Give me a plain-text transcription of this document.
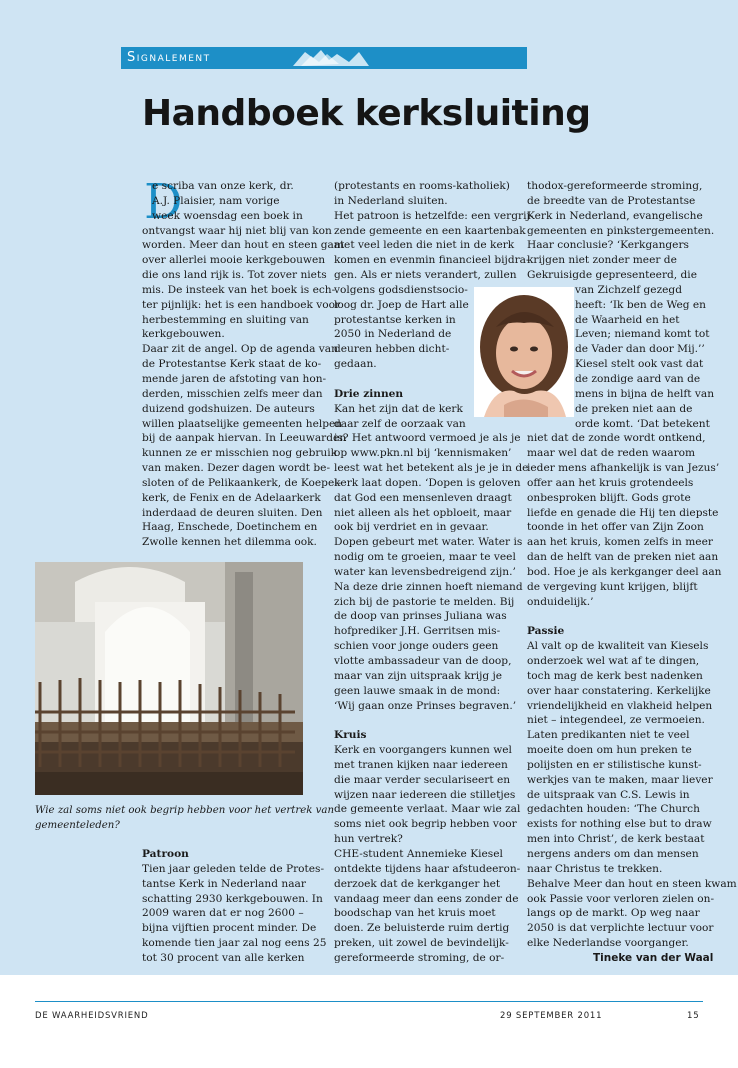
Signalement
Handboek kerksluiting
D

e scriba van onze kerk, dr.

A.J. Plaisier, nam vorige

week woensdag een boek in

ontvangst waar hij niet blij van kon

worden. Meer dan hout en steen gaat

over allerlei mooie kerkgebouwen

die ons land rijk is. Tot zover niets

mis. De insteek van het boek is ech-

ter pijnlijk: het is een handboek voor

herbestemming en sluiting van

kerkgebouwen.

Daar zit de angel. Op de agenda van

de Protestantse Kerk staat de ko-

mende jaren de afstoting van hon-

derden, misschien zelfs meer dan

duizend godshuizen. De auteurs

willen plaatselijke gemeenten helpen

bij de aanpak hiervan. In Leeuwarden

kunnen ze er misschien nog gebruik

van maken. Dezer dagen wordt be-

sloten of de Pelikaankerk, de Koepel-

kerk, de Fenix en de Adelaarkerk

inderdaad de deuren sluiten. Den

Haag, Enschede, Doetinchem en

Zwolle kennen het dilemma ook.

Wie zal soms niet ook begrip hebben voor het vertrek van

gemeenteleden?

Patroon

Tien jaar geleden telde de Protes-

tantse Kerk in Nederland naar

schatting 2930 kerkgebouwen. In

2009 waren dat er nog 2600 –

bijna vijftien procent minder. De

komende tien jaar zal nog eens 25

tot 30 procent van alle kerken

(protestants en rooms-katholiek)

in Nederland sluiten.

Het patroon is hetzelfde: een vergrij-

zende gemeente en een kaartenbak

met veel leden die niet in de kerk

komen en evenmin financieel bijdra-

gen. Als er niets verandert, zullen

volgens godsdienstsocio-

loog dr. Joep de Hart alle

protestantse kerken in

2050 in Nederland de

deuren hebben dicht-

gedaan.

Drie zinnen

Kan het zijn dat de kerk

daar zelf de oorzaak van

is? Het antwoord vermoed je als je

op www.pkn.nl bij ‘kennismaken’

leest wat het betekent als je je in de

kerk laat dopen. ‘Dopen is geloven

dat God een mensenleven draagt

niet alleen als het opbloeit, maar

ook bij verdriet en in gevaar.

Dopen gebeurt met water. Water is

nodig om te groeien, maar te veel

water kan levensbedreigend zijn.’

Na deze drie zinnen hoeft niemand

zich bij de pastorie te melden. Bij

de doop van prinses Juliana was

hofprediker J.H. Gerritsen mis-

schien voor jonge ouders geen

vlotte ambassadeur van de doop,

maar van zijn uitspraak krijg je

geen lauwe smaak in de mond:

‘Wij gaan onze Prinses begraven.’

Kruis

Kerk en voorgangers kunnen wel

met tranen kijken naar iedereen

die maar verder seculariseert en

wijzen naar iedereen die stilletjes

de gemeente verlaat. Maar wie zal

soms niet ook begrip hebben voor

hun vertrek?

CHE-student Annemieke Kiesel

ontdekte tijdens haar afstudeeron-

derzoek dat de kerkganger het

vandaag meer dan eens zonder de

boodschap van het kruis moet

doen. Ze beluisterde ruim dertig

preken, uit zowel de bevindelijk-

gereformeerde stroming, de or-

thodox-gereformeerde stroming,

de breedte van de Protestantse

Kerk in Nederland, evangelische

gemeenten en pinkstergemeenten.

Haar conclusie? ‘Kerkgangers

krijgen niet zonder meer de

Gekruisigde gepresenteerd, die

van Zichzelf gezegd

heeft: ‘Ik ben de Weg en

de Waarheid en het

Leven; niemand komt tot

de Vader dan door Mij.’’

Kiesel stelt ook vast dat

de zondige aard van de

mens in bijna de helft van

de preken niet aan de

orde komt. ‘Dat betekent

niet dat de zonde wordt ontkend,

maar wel dat de reden waarom

ieder mens afhankelijk is van Jezus’

offer aan het kruis grotendeels

onbesproken blijft. Gods grote

liefde en genade die Hij ten diepste

toonde in het offer van Zijn Zoon

aan het kruis, komen zelfs in meer

dan de helft van de preken niet aan

bod. Hoe je als kerkganger deel aan

de vergeving kunt krijgen, blijft

onduidelijk.’

Passie

Al valt op de kwaliteit van Kiesels

onderzoek wel wat af te dingen,

toch mag de kerk best nadenken

over haar constatering. Kerkelijke

vriendelijkheid en vlakheid helpen

niet – integendeel, ze vermoeien.

Laten predikanten niet te veel

moeite doen om hun preken te

polijsten en er stilistische kunst-

werkjes van te maken, maar liever

de uitspraak van C.S. Lewis in

gedachten houden: ‘The Church

exists for nothing else but to draw

men into Christ’, de kerk bestaat

nergens anders om dan mensen

naar Christus te trekken.

Behalve Meer dan hout en steen kwam

ook Passie voor verloren zielen on-

langs op de markt. Op weg naar

2050 is dat verplichte lectuur voor

elke Nederlandse voorganger.

Tineke van der Waal
DE WAARHEIDSVRIEND	29 SEPTEMBER 2011	15
